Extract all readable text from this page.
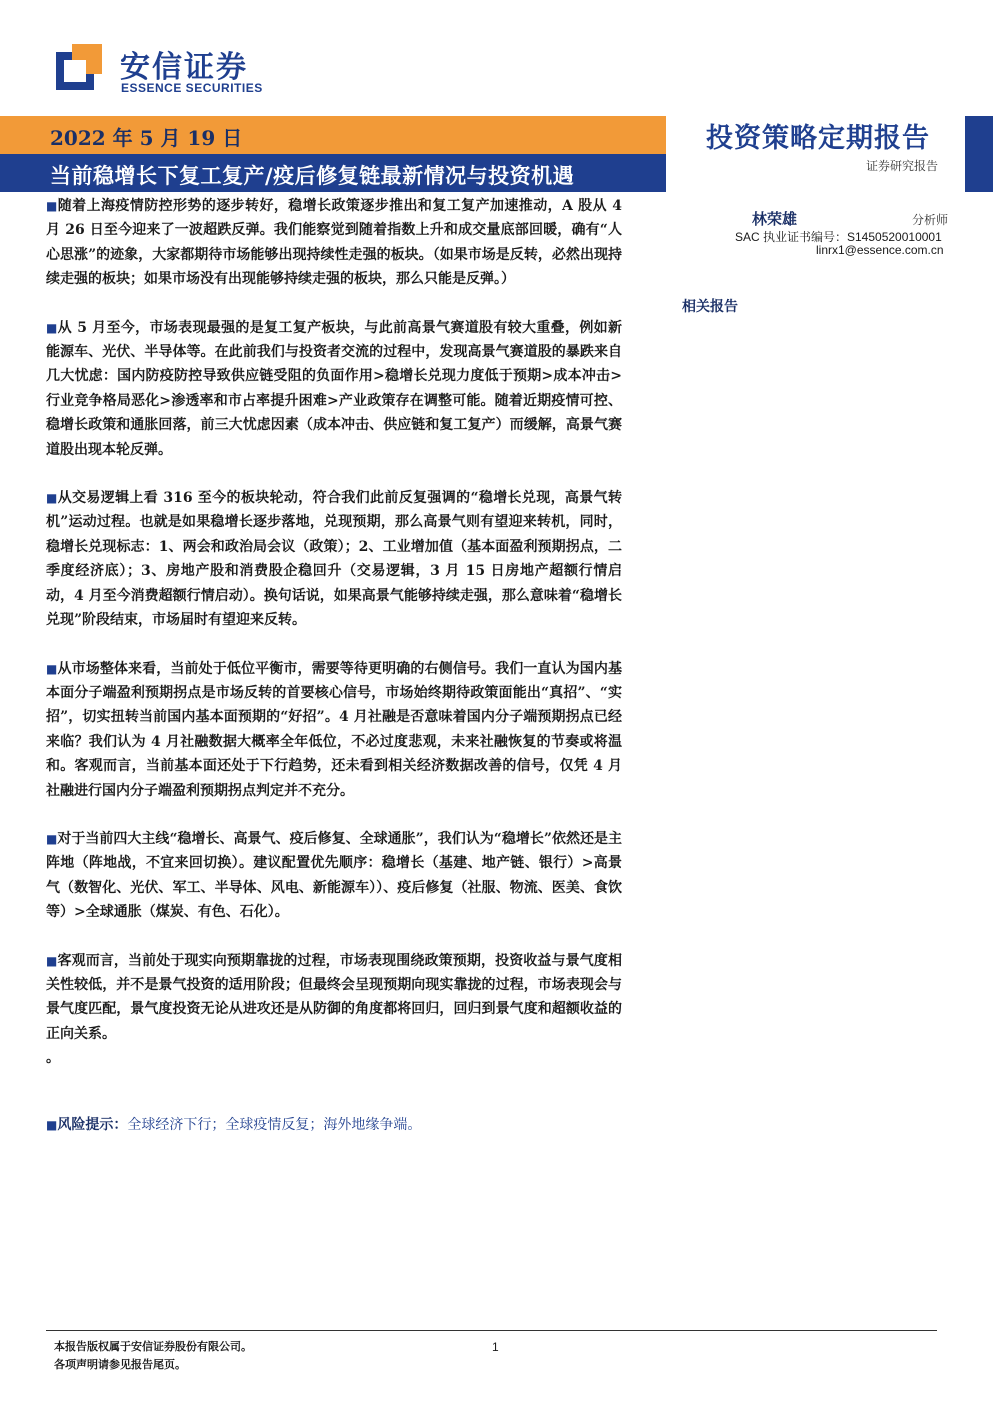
安信证券
ESSENCE SECURITIES
2022 年 5 月 19 日
当前稳增长下复工复产/疫后修复链最新情况与投资机遇
投资策略定期报告
证券研究报告
林荣雄	分析师
SAC 执业证书编号：S1450520010001
linrx1@essence.com.cn
相关报告

■ 随着上海疫情防控形势的逐步转好，稳增长政策逐步推出和复工复产加速推动，A 股从 4 月 26 日至今迎来了一波超跌反弹。我们能察觉到随着指数上升和成交量底部回暖，确有“人心思涨”的迹象，大家都期待市场能够出现持续性走强的板块。（如果市场是反转，必然出现持续走强的板块；如果市场没有出现能够持续走强的板块，那么只能是反弹。）

■ 从 5 月至今，市场表现最强的是复工复产板块，与此前高景气赛道股有较大重叠，例如新能源车、光伏、半导体等。在此前我们与投资者交流的过程中，发现高景气赛道股的暴跌来自几大忧虑：国内防疫防控导致供应链受阻的负面作用>稳增长兑现力度低于预期>成本冲击>行业竞争格局恶化>渗透率和市占率提升困难>产业政策存在调整可能。随着近期疫情可控、稳增长政策和通胀回落，前三大忧虑因素（成本冲击、供应链和复工复产）而缓解，高景气赛道股出现本轮反弹。

■ 从交易逻辑上看 316 至今的板块轮动，符合我们此前反复强调的“稳增长兑现，高景气转机”运动过程。也就是如果稳增长逐步落地，兑现预期，那么高景气则有望迎来转机，同时，稳增长兑现标志：1、两会和政治局会议（政策）；2、工业增加值（基本面盈利预期拐点，二季度经济底）；3、房地产股和消费股企稳回升（交易逻辑，3 月 15 日房地产超额行情启动，4 月至今消费超额行情启动）。换句话说，如果高景气能够持续走强，那么意味着“稳增长兑现”阶段结束，市场届时有望迎来反转。

■ 从市场整体来看，当前处于低位平衡市，需要等待更明确的右侧信号。我们一直认为国内基本面分子端盈利预期拐点是市场反转的首要核心信号，市场始终期待政策面能出“真招”、“实招”，切实扭转当前国内基本面预期的“好招”。4 月社融是否意味着国内分子端预期拐点已经来临？我们认为 4 月社融数据大概率全年低位，不必过度悲观，未来社融恢复的节奏或将温和。客观而言，当前基本面还处于下行趋势，还未看到相关经济数据改善的信号，仅凭 4 月社融进行国内分子端盈利预期拐点判定并不充分。

■ 对于当前四大主线“稳增长、高景气、疫后修复、全球通胀”，我们认为“稳增长”依然还是主阵地（阵地战，不宜来回切换）。建议配置优先顺序：稳增长（基建、地产链、银行）>高景气（数智化、光伏、军工、半导体、风电、新能源车））、疫后修复（社服、物流、医美、食饮等）>全球通胀（煤炭、有色、石化）。

■ 客观而言，当前处于现实向预期靠拢的过程，市场表现围绕政策预期，投资收益与景气度相关性较低，并不是景气投资的适用阶段；但最终会呈现预期向现实靠拢的过程，市场表现会与景气度匹配，景气度投资无论从进攻还是从防御的角度都将回归，回归到景气度和超额收益的正向关系。

。
■ 风险提示：全球经济下行；全球疫情反复；海外地缘争端。
本报告版权属于安信证券股份有限公司。
各项声明请参见报告尾页。
1
